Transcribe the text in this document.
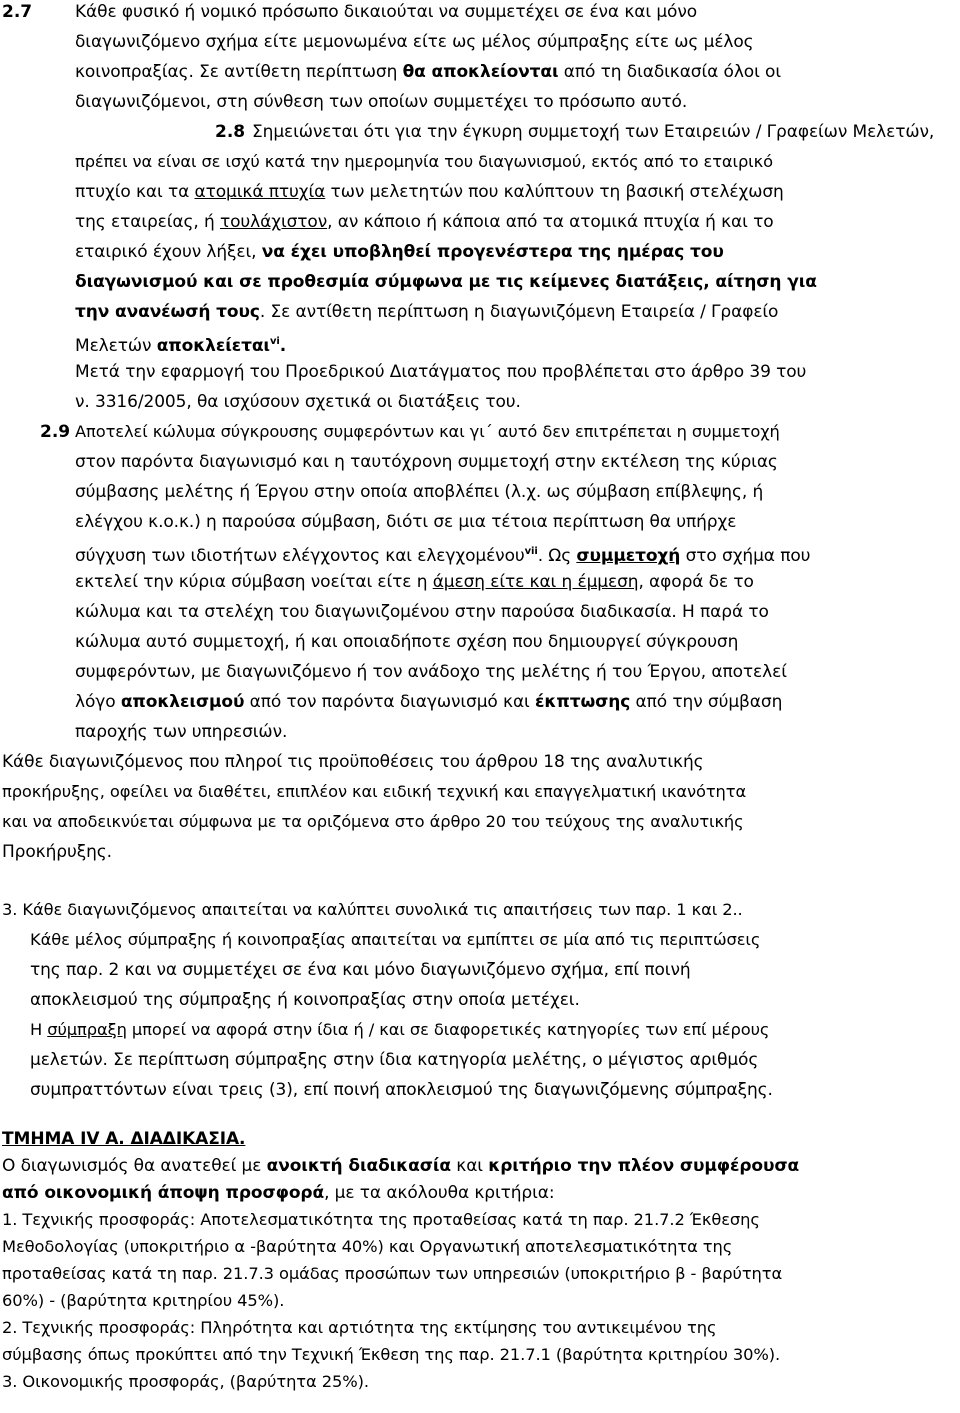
2.7	Κάθε φυσικό ή νομικό πρόσωπο δικαιούται να συμμετέχει σε ένα και μόνο
διαγωνιζόμενο σχήμα είτε μεμονωμένα είτε ως μέλος σύμπραξης είτε ως μέλος
κοινοπραξίας. Σε αντίθετη περίπτωση θα αποκλείονται από τη διαδικασία όλοι οι
διαγωνιζόμενοι, στη σύνθεση των οποίων συμμετέχει το πρόσωπο αυτό.
2.8 Σημειώνεται ότι για την έγκυρη συμμετοχή των Εταιρειών / Γραφείων Μελετών,
πρέπει να είναι σε ισχύ κατά την ημερομηνία του διαγωνισμού, εκτός από το εταιρικό
πτυχίο και τα ατομικά πτυχία των μελετητών που καλύπτουν τη βασική στελέχωση
της εταιρείας, ή τουλάχιστον, αν κάποιο ή κάποια από τα ατομικά πτυχία ή και το
εταιρικό έχουν λήξει, να έχει υποβληθεί προγενέστερα της ημέρας του
διαγωνισμού και σε προθεσμία σύμφωνα με τις κείμενες διατάξεις, αίτηση για
την ανανέωσή τους. Σε αντίθετη περίπτωση η διαγωνιζόμενη Εταιρεία / Γραφείο
Μελετών αποκλείεται$^{vi}$.
Μετά την εφαρμογή του Προεδρικού Διατάγματος που προβλέπεται στο άρθρο 39 του
ν. 3316/2005, θα ισχύσουν σχετικά οι διατάξεις του.
2.9 Αποτελεί κώλυμα σύγκρουσης συμφερόντων και γι΄ αυτό δεν επιτρέπεται η συμμετοχή
στον παρόντα διαγωνισμό και η ταυτόχρονη συμμετοχή στην εκτέλεση της κύριας
σύμβασης μελέτης ή Έργου στην οποία αποβλέπει (λ.χ. ως σύμβαση επίβλεψης, ή
ελέγχου κ.ο.κ.) η παρούσα σύμβαση, διότι σε μια τέτοια περίπτωση θα υπήρχε
σύγχυση των ιδιοτήτων ελέγχοντος και ελεγχομένου$^{vii}$. Ως συμμετοχή στο σχήμα που
εκτελεί την κύρια σύμβαση νοείται είτε η άμεση είτε και η έμμεση, αφορά δε το
κώλυμα και τα στελέχη του διαγωνιζομένου στην παρούσα διαδικασία. Η παρά το
κώλυμα αυτό συμμετοχή, ή και οποιαδήποτε σχέση που δημιουργεί σύγκρουση
συμφερόντων, με διαγωνιζόμενο ή τον ανάδοχο της μελέτης ή του Έργου, αποτελεί
λόγο αποκλεισμού από τον παρόντα διαγωνισμό και έκπτωσης από την σύμβαση
παροχής των υπηρεσιών.
Κάθε διαγωνιζόμενος που πληροί τις προϋποθέσεις του άρθρου 18 της αναλυτικής
προκήρυξης, οφείλει να διαθέτει, επιπλέον και ειδική τεχνική και επαγγελματική ικανότητα
και να αποδεικνύεται σύμφωνα με τα οριζόμενα στο άρθρο 20 του τεύχους της αναλυτικής
Προκήρυξης.
3. Κάθε διαγωνιζόμενος απαιτείται να καλύπτει συνολικά τις απαιτήσεις των παρ. 1 και 2..
Κάθε μέλος σύμπραξης ή κοινοπραξίας απαιτείται να εμπίπτει σε μία από τις περιπτώσεις
της παρ. 2 και να συμμετέχει σε ένα και μόνο διαγωνιζόμενο σχήμα, επί ποινή
αποκλεισμού της σύμπραξης ή κοινοπραξίας στην οποία μετέχει.
Η σύμπραξη μπορεί να αφορά στην ίδια ή / και σε διαφορετικές κατηγορίες των επί μέρους
μελετών. Σε περίπτωση σύμπραξης στην ίδια κατηγορία μελέτης, ο μέγιστος αριθμός
συμπραττόντων είναι τρεις (3), επί ποινή αποκλεισμού της διαγωνιζόμενης σύμπραξης.
ΤΜΗΜΑ IV Α. ΔΙΑΔΙΚΑΣΙΑ.
Ο διαγωνισμός θα ανατεθεί με ανοικτή διαδικασία και κριτήριο την πλέον συμφέρουσα
από οικονομική άποψη προσφορά, με τα ακόλουθα κριτήρια:
1. Τεχνικής προσφοράς: Αποτελεσματικότητα της προταθείσας κατά τη παρ. 21.7.2 Έκθεσης
Μεθοδολογίας (υποκριτήριο α -βαρύτητα 40%) και Οργανωτική αποτελεσματικότητα της
προταθείσας κατά τη παρ. 21.7.3 ομάδας προσώπων των υπηρεσιών (υποκριτήριο β - βαρύτητα
60%) - (βαρύτητα κριτηρίου 45%).
2. Τεχνικής προσφοράς: Πληρότητα και αρτιότητα της εκτίμησης του αντικειμένου της
σύμβασης όπως προκύπτει από την Τεχνική Έκθεση της παρ. 21.7.1 (βαρύτητα κριτηρίου 30%).
3. Οικονομικής προσφοράς, (βαρύτητα 25%).
